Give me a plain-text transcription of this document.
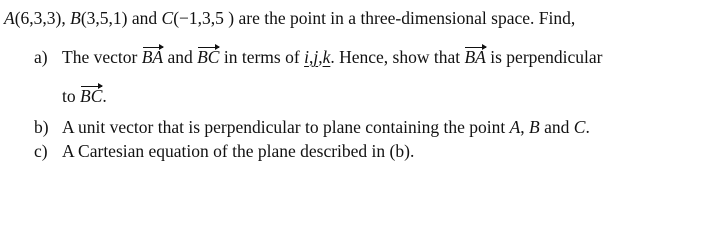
A(6,3,3), B(3,5,1) and C(−1,3,5 ) are the point in a three-dimensional space. Find,
a) The vector BA and BC in terms of i,j,k. Hence, show that BA is perpendicular
to BC.
b) A unit vector that is perpendicular to plane containing the point A, B and C.
c) A Cartesian equation of the plane described in (b).
